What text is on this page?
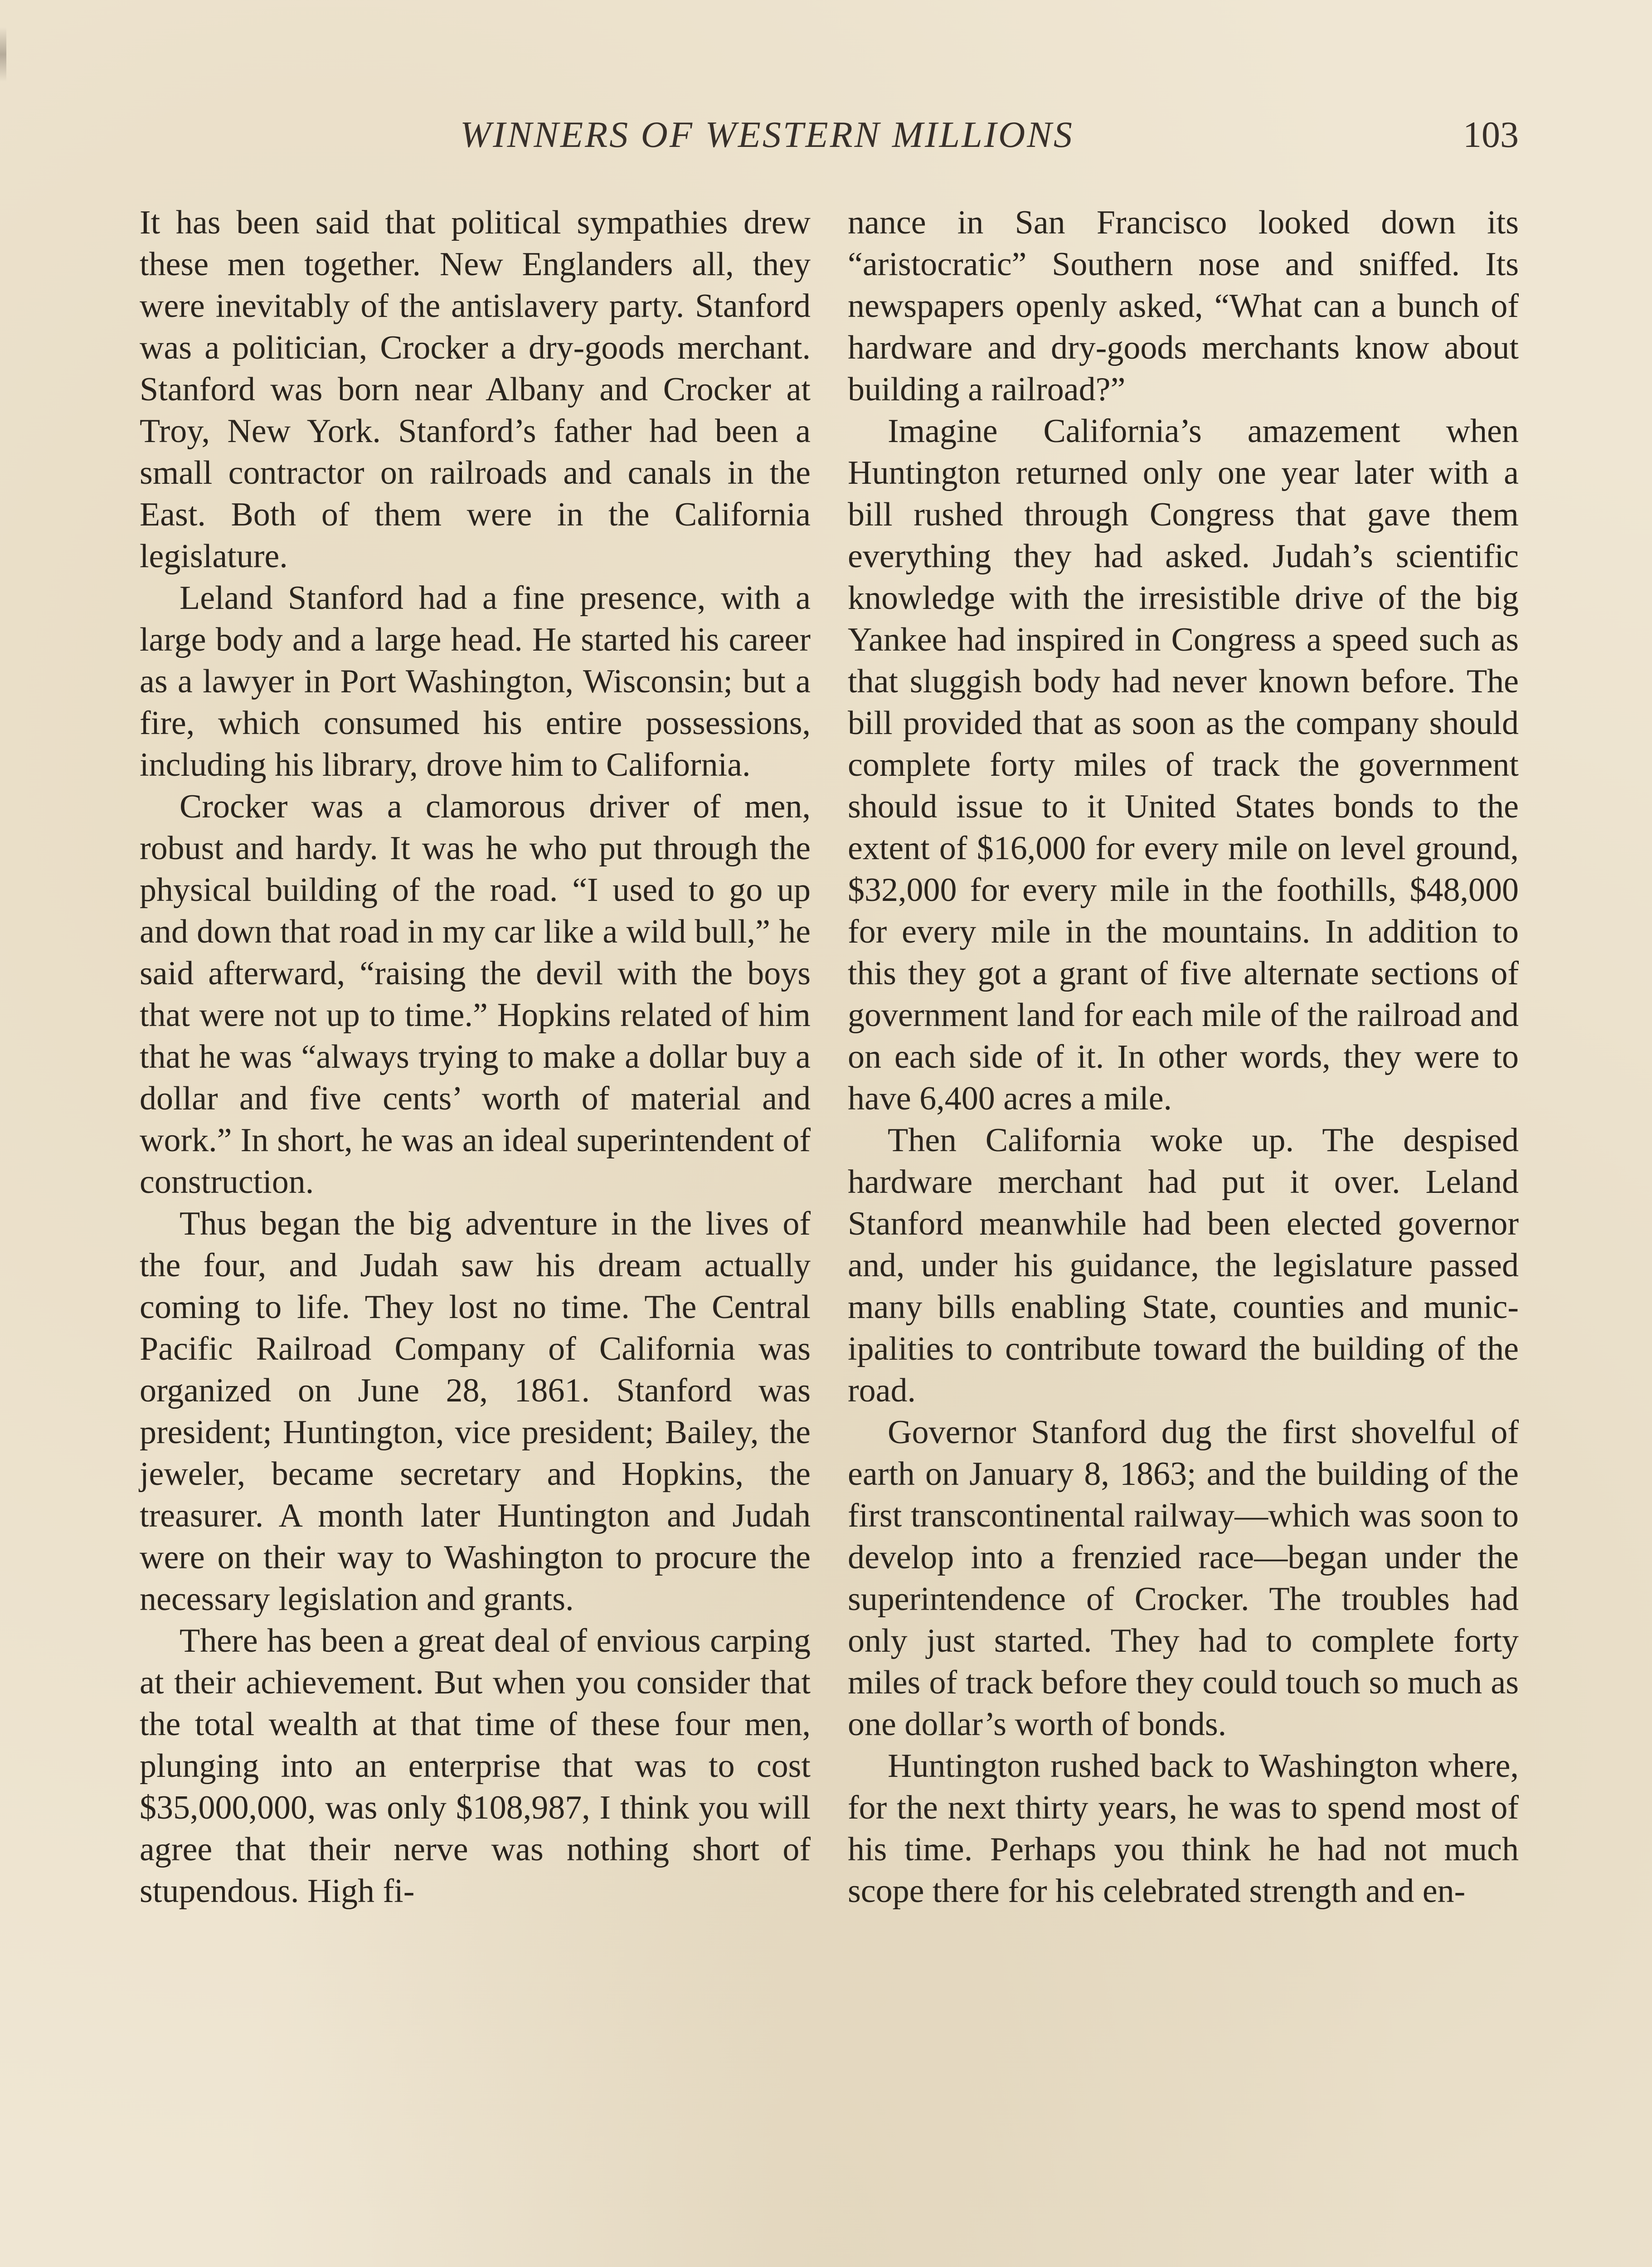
WINNERS OF WESTERN MILLIONS	103

It has been said that political sympathies drew these men together. New Englanders all, they were inevitably of the antislavery party. Stanford was a politician, Crocker a dry-goods merchant. Stanford was born near Albany and Crocker at Troy, New York. Stanford’s father had been a small contractor on railroads and canals in the East. Both of them were in the California legislature.

Leland Stanford had a fine presence, with a large body and a large head. He started his career as a lawyer in Port Washington, Wisconsin; but a fire, which consumed his entire possessions, including his library, drove him to California.

Crocker was a clamorous driver of men, robust and hardy. It was he who put through the physical building of the road. “I used to go up and down that road in my car like a wild bull,” he said afterward, “raising the devil with the boys that were not up to time.” Hopkins related of him that he was “always trying to make a dollar buy a dollar and five cents’ worth of material and work.” In short, he was an ideal superintendent of construction.

Thus began the big adventure in the lives of the four, and Judah saw his dream actually coming to life. They lost no time. The Central Pacific Railroad Company of California was organized on June 28, 1861. Stanford was president; Huntington, vice president; Bailey, the jeweler, became secretary and Hopkins, the treasurer. A month later Huntington and Judah were on their way to Washington to procure the necessary legislation and grants.

There has been a great deal of envious carping at their achievement. But when you consider that the total wealth at that time of these four men, plunging into an enterprise that was to cost $35,000,000, was only $108,987, I think you will agree that their nerve was nothing short of stupendous. High fi-

nance in San Francisco looked down its “aristocratic” Southern nose and sniffed. Its newspapers openly asked, “What can a bunch of hardware and dry-goods merchants know about building a railroad?”

Imagine California’s amazement when Huntington returned only one year later with a bill rushed through Congress that gave them everything they had asked. Judah’s scientific knowledge with the irresistible drive of the big Yankee had inspired in Congress a speed such as that sluggish body had never known before. The bill provided that as soon as the company should complete forty miles of track the government should issue to it United States bonds to the extent of $16,000 for every mile on level ground, $32,000 for every mile in the foothills, $48,000 for every mile in the mountains. In addition to this they got a grant of five alternate sections of government land for each mile of the railroad and on each side of it. In other words, they were to have 6,400 acres a mile.

Then California woke up. The despised hardware merchant had put it over. Leland Stanford meanwhile had been elected governor and, under his guidance, the legislature passed many bills enabling State, counties and municipalities to contribute toward the building of the road.

Governor Stanford dug the first shovelful of earth on January 8, 1863; and the building of the first transcontinental railway—which was soon to develop into a frenzied race—began under the superintendence of Crocker. The troubles had only just started. They had to complete forty miles of track before they could touch so much as one dollar’s worth of bonds.

Huntington rushed back to Washington where, for the next thirty years, he was to spend most of his time. Perhaps you think he had not much scope there for his celebrated strength and en-
